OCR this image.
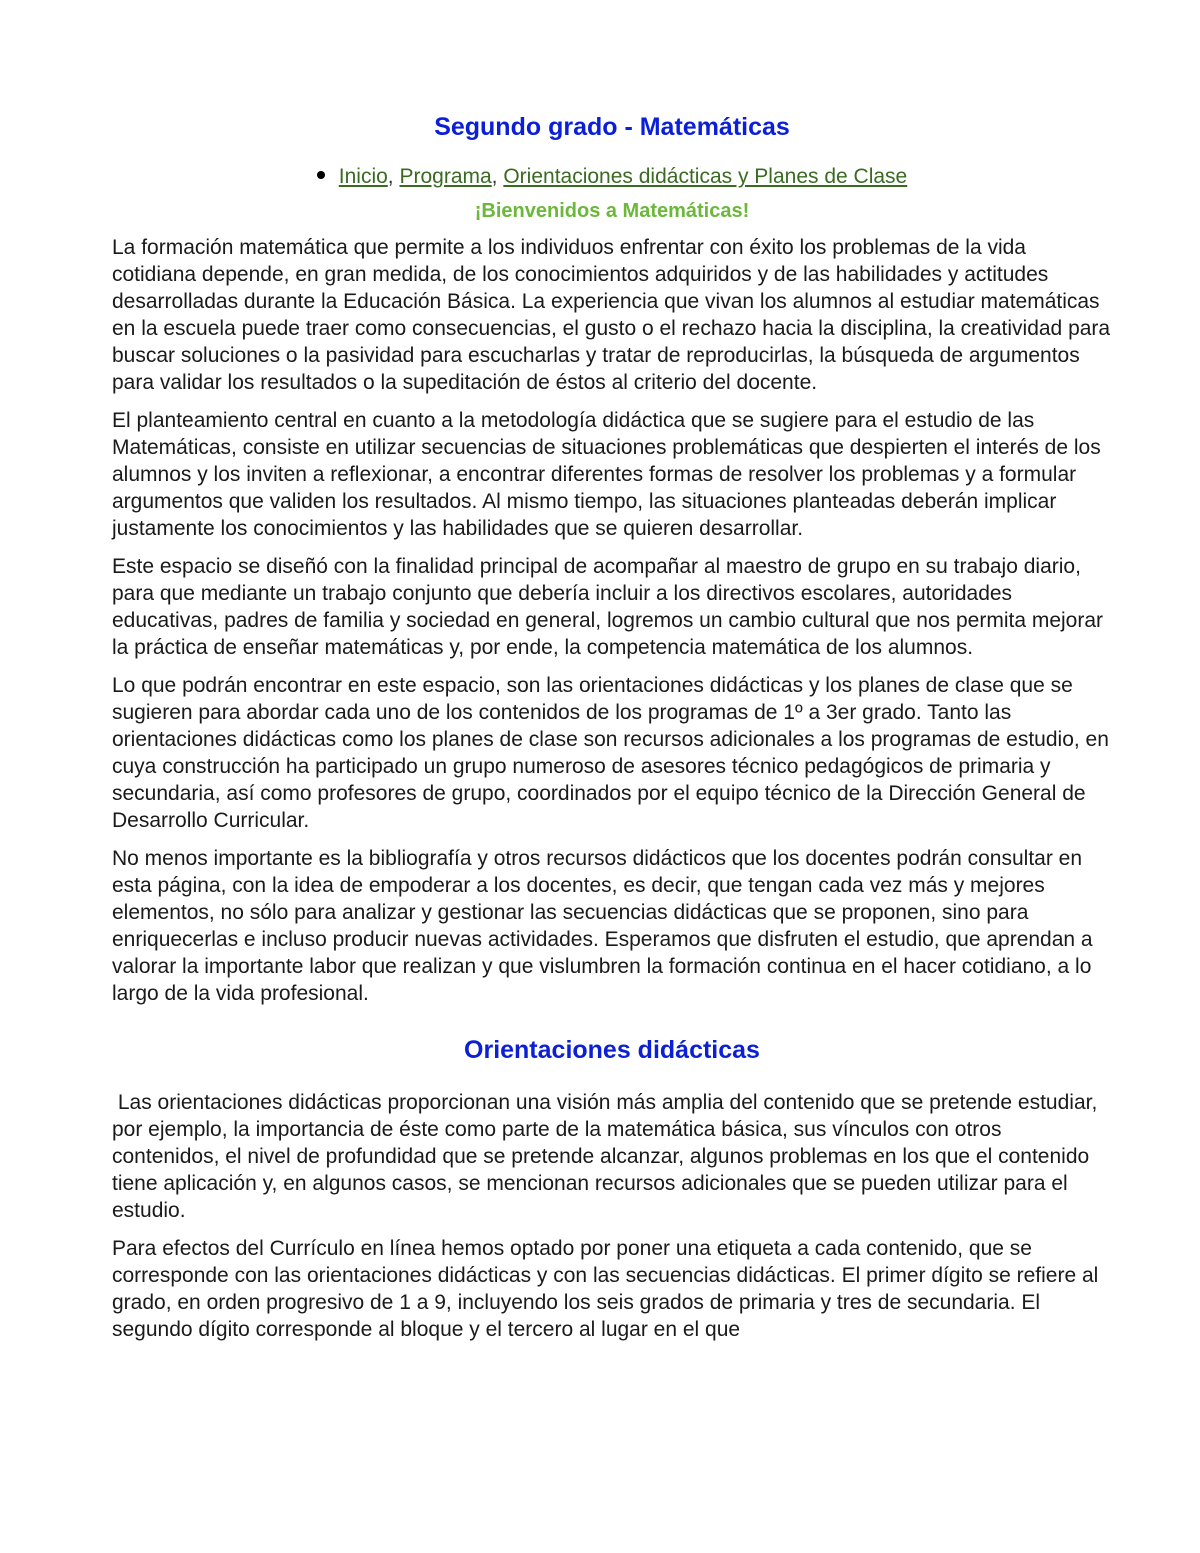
Segundo grado - Matemáticas
Inicio, Programa, Orientaciones didácticas y Planes de Clase
¡Bienvenidos a Matemáticas!

La formación matemática que permite a los individuos enfrentar con éxito los problemas de la vida cotidiana depende, en gran medida, de los conocimientos adquiridos y de las habilidades y actitudes desarrolladas durante la Educación Básica. La experiencia que vivan los alumnos al estudiar matemáticas en la escuela puede traer como consecuencias, el gusto o el rechazo hacia la disciplina, la creatividad para buscar soluciones o la pasividad para escucharlas y tratar de reproducirlas, la búsqueda de argumentos para validar los resultados o la supeditación de éstos al criterio del docente.

El planteamiento central en cuanto a la metodología didáctica que se sugiere para el estudio de las Matemáticas, consiste en utilizar secuencias de situaciones problemáticas que despierten el interés de los alumnos y los inviten a reflexionar, a encontrar diferentes formas de resolver los problemas y a formular argumentos que validen los resultados. Al mismo tiempo, las situaciones planteadas deberán implicar justamente los conocimientos y las habilidades que se quieren desarrollar.

Este espacio se diseñó con la finalidad principal de acompañar al maestro de grupo en su trabajo diario, para que mediante un trabajo conjunto que debería incluir a los directivos escolares, autoridades educativas, padres de familia y sociedad en general, logremos un cambio cultural que nos permita mejorar la práctica de enseñar matemáticas y, por ende, la competencia matemática de los alumnos.

Lo que podrán encontrar en este espacio, son las orientaciones didácticas y los planes de clase que se sugieren para abordar cada uno de los contenidos de los programas de 1º a 3er grado. Tanto las orientaciones didácticas como los planes de clase son recursos adicionales a los programas de estudio, en cuya construcción ha participado un grupo numeroso de asesores técnico pedagógicos de primaria y secundaria, así como profesores de grupo, coordinados por el equipo técnico de la Dirección General de Desarrollo Curricular.

No menos importante es la bibliografía y otros recursos didácticos que los docentes podrán consultar en esta página, con la idea de empoderar a los docentes, es decir, que tengan cada vez más y mejores elementos, no sólo para analizar y gestionar las secuencias didácticas que se proponen, sino para enriquecerlas e incluso producir nuevas actividades. Esperamos que disfruten el estudio, que aprendan a valorar la importante labor que realizan y que vislumbren la formación continua en el hacer cotidiano, a lo largo de la vida profesional.

Orientaciones didácticas

Las orientaciones didácticas proporcionan una visión más amplia del contenido que se pretende estudiar, por ejemplo, la importancia de éste como parte de la matemática básica, sus vínculos con otros contenidos, el nivel de profundidad que se pretende alcanzar, algunos problemas en los que el contenido tiene aplicación y, en algunos casos, se mencionan recursos adicionales que se pueden utilizar para el estudio.

Para efectos del Currículo en línea hemos optado por poner una etiqueta a cada contenido, que se corresponde con las orientaciones didácticas y con las secuencias didácticas. El primer dígito se refiere al grado, en orden progresivo de 1 a 9, incluyendo los seis grados de primaria y tres de secundaria. El segundo dígito corresponde al bloque y el tercero al lugar en el que
